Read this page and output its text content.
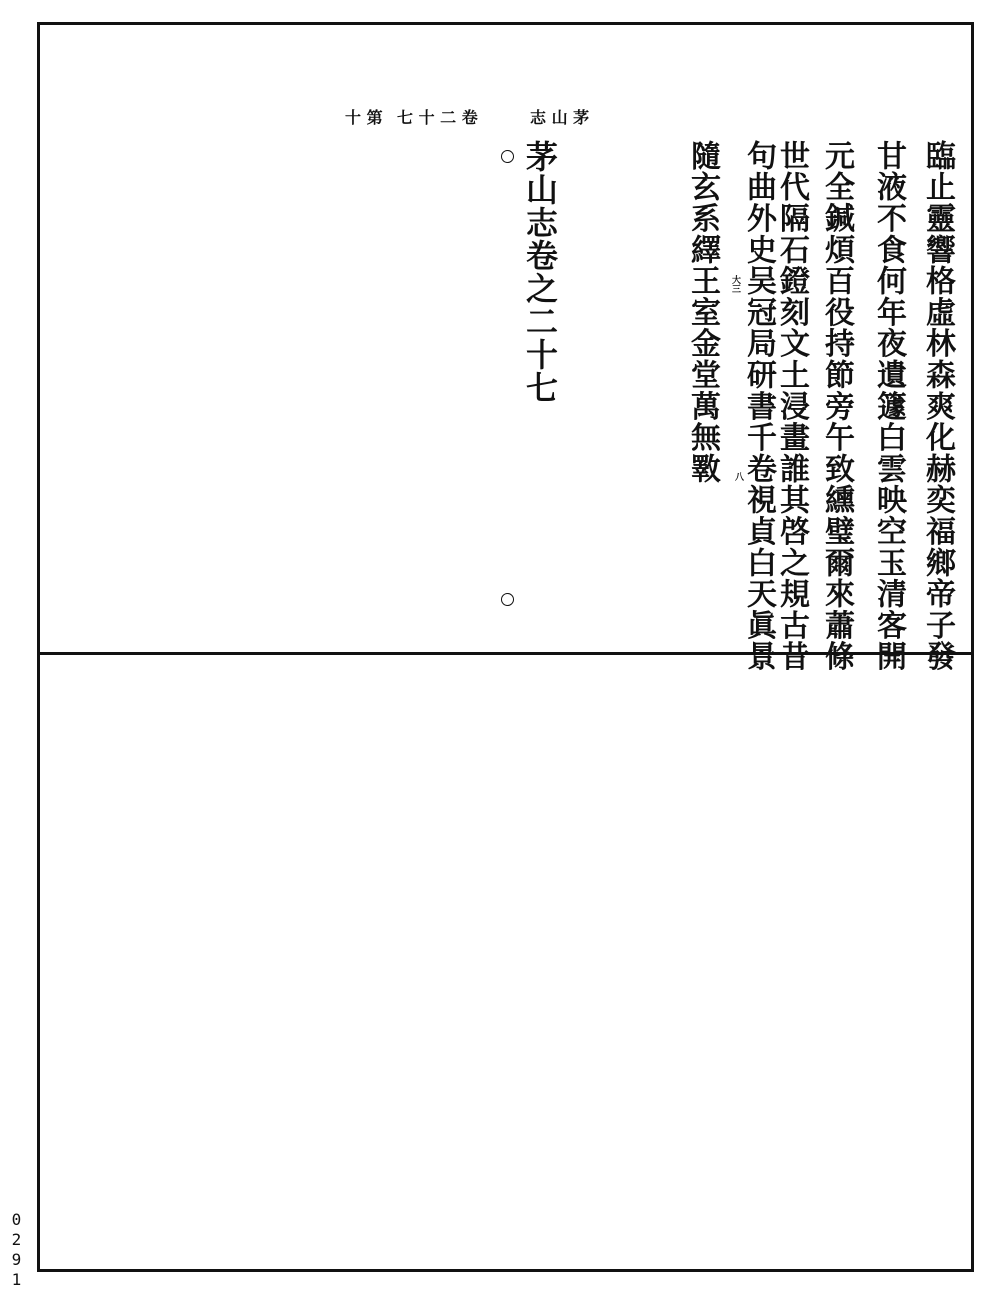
十 第 七 十 二 卷	志 山 茅
臨止靈響格虛林森爽化赫奕福鄉帝子發
甘液不食何年夜遺籧白雲映空玉清客開
元全鍼煩百役持節旁午致纁璧爾來蕭條
世代隔石鐙刻文土浸畫誰其啓之規古昔
句曲外史吴冠局研書千卷視貞白天眞景
隨玄系繹王室金堂萬無斁 大三
八
茅山志卷之二十七
0291
